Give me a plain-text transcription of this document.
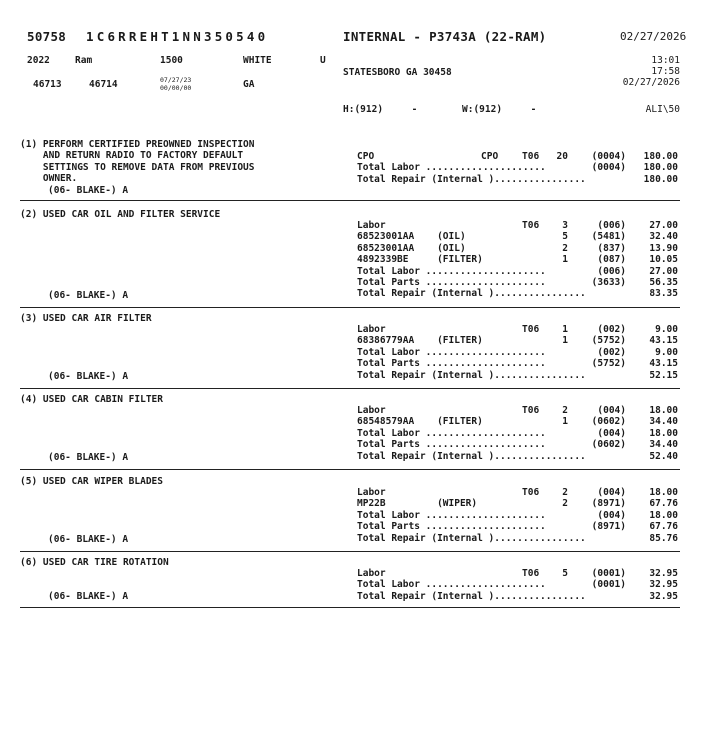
50758 1C6RREHT1NN350540	INTERNAL - P3743A (22-RAM)	02/27/2026
2022	Ram	1500	WHITE	U	13:01
STATESBORO GA 30458	17:58
46713	46714	07/27/23
00/00/00	GA	02/27/2026
H:(912)     -	W:(912)     -	ALI\50
(1) PERFORM CERTIFIED PREOWNED INSPECTION
AND RETURN RADIO TO FACTORY DEFAULT
SETTINGS TO REMOVE DATA FROM PREVIOUS
OWNER.
(06- BLAKE-) A
CPO	CPO	T06	20	(0004)	180.00
Total Labor .....................	(0004)	180.00
Total Repair (Internal )................	180.00
(2) USED CAR OIL AND FILTER SERVICE
(06- BLAKE-) A
Labor	T06	3	(006)	27.00
68523001AA    (OIL)	5	(5481)	32.40
68523001AA    (OIL)	2	(837)	13.90
4892339BE     (FILTER)	1	(087)	10.05
Total Labor .....................	(006)	27.00
Total Parts .....................	(3633)	56.35
Total Repair (Internal )................	83.35
(3) USED CAR AIR FILTER
(06- BLAKE-) A
Labor	T06	1	(002)	9.00
68386779AA    (FILTER)	1	(5752)	43.15
Total Labor .....................	(002)	9.00
Total Parts .....................	(5752)	43.15
Total Repair (Internal )................	52.15
(4) USED CAR CABIN FILTER
(06- BLAKE-) A
Labor	T06	2	(004)	18.00
68548579AA    (FILTER)	1	(0602)	34.40
Total Labor .....................	(004)	18.00
Total Parts .....................	(0602)	34.40
Total Repair (Internal )................	52.40
(5) USED CAR WIPER BLADES
(06- BLAKE-) A
Labor	T06	2	(004)	18.00
MP22B         (WIPER)	2	(8971)	67.76
Total Labor .....................	(004)	18.00
Total Parts .....................	(8971)	67.76
Total Repair (Internal )................	85.76
(6) USED CAR TIRE ROTATION
(06- BLAKE-) A
Labor	T06	5	(0001)	32.95
Total Labor .....................	(0001)	32.95
Total Repair (Internal )................	32.95
